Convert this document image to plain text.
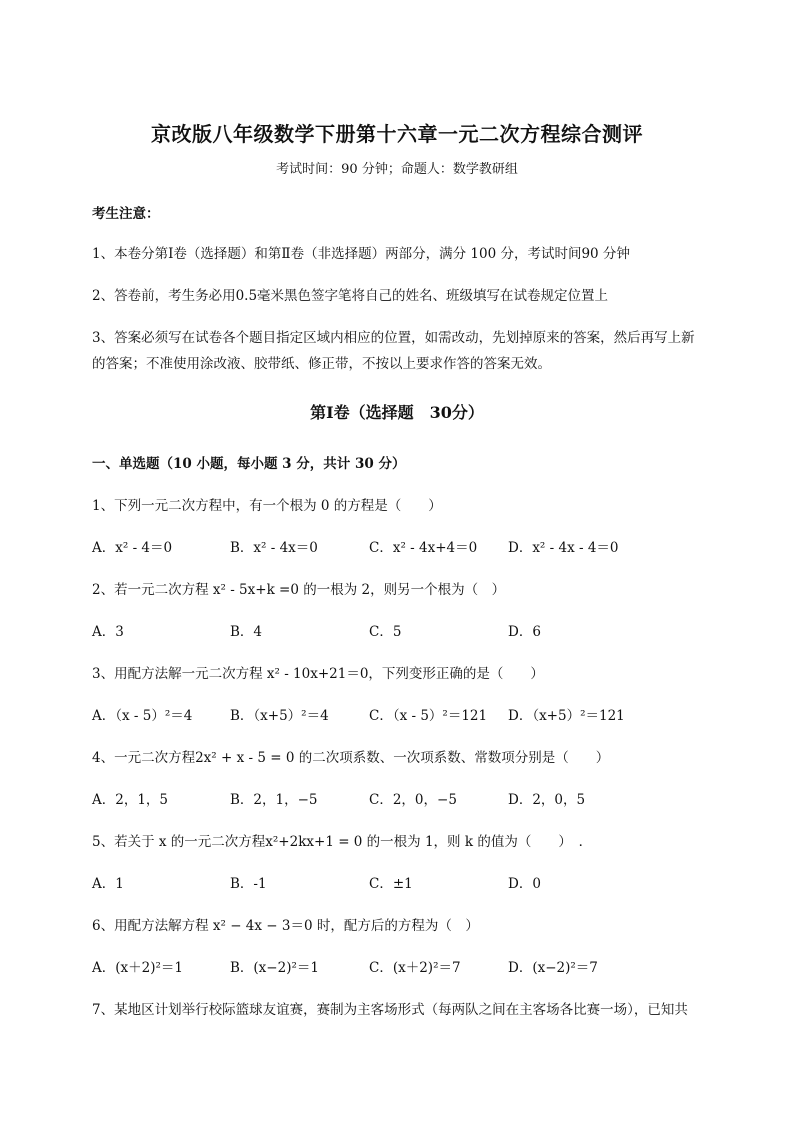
京改版八年级数学下册第十六章一元二次方程综合测评
考试时间：90 分钟；命题人：数学教研组
考生注意：
1、本卷分第Ⅰ卷（选择题）和第Ⅱ卷（非选择题）两部分，满分 100 分，考试时间90 分钟
2、答卷前，考生务必用0.5毫米黑色签字笔将自己的姓名、班级填写在试卷规定位置上
3、答案必须写在试卷各个题目指定区域内相应的位置，如需改动，先划掉原来的答案，然后再写上新
的答案；不准使用涂改液、胶带纸、修正带，不按以上要求作答的答案无效。
第Ⅰ卷（选择题　30分）
一、单选题（10 小题，每小题 3 分，共计 30 分）
1、下列一元二次方程中，有一个根为 0 的方程是（　　）
A．x² - 4＝0	B．x² - 4x＝0	C．x² - 4x+4＝0 D．x² - 4x - 4＝0
2、若一元二次方程 x² - 5x+k =0 的一根为 2，则另一个根为（　）
A．3	B．4	C．5	D．6
3、用配方法解一元二次方程 x² - 10x+21＝0，下列变形正确的是（　　）
A．（x - 5）²＝4	B．（x+5）²＝4	C．（x - 5）²＝121 D．（x+5）²＝121
4、一元二次方程2x² + x - 5 = 0 的二次项系数、一次项系数、常数项分别是（　　）
A．2，1，5	B．2，1，−5	C．2，0，−5	D．2，0，5
5、若关于 x 的一元二次方程x²+2kx+1 = 0 的一根为 1，则 k 的值为（　　）　．
A．1	B．-1	C．±1	D．0
6、用配方法解方程 x² − 4x − 3＝0 时，配方后的方程为（　）
A．(x＋2)²＝1	B．(x−2)²＝1	C．(x＋2)²＝7	D．(x−2)²＝7
7、某地区计划举行校际篮球友谊赛，赛制为主客场形式（每两队之间在主客场各比赛一场），已知共
